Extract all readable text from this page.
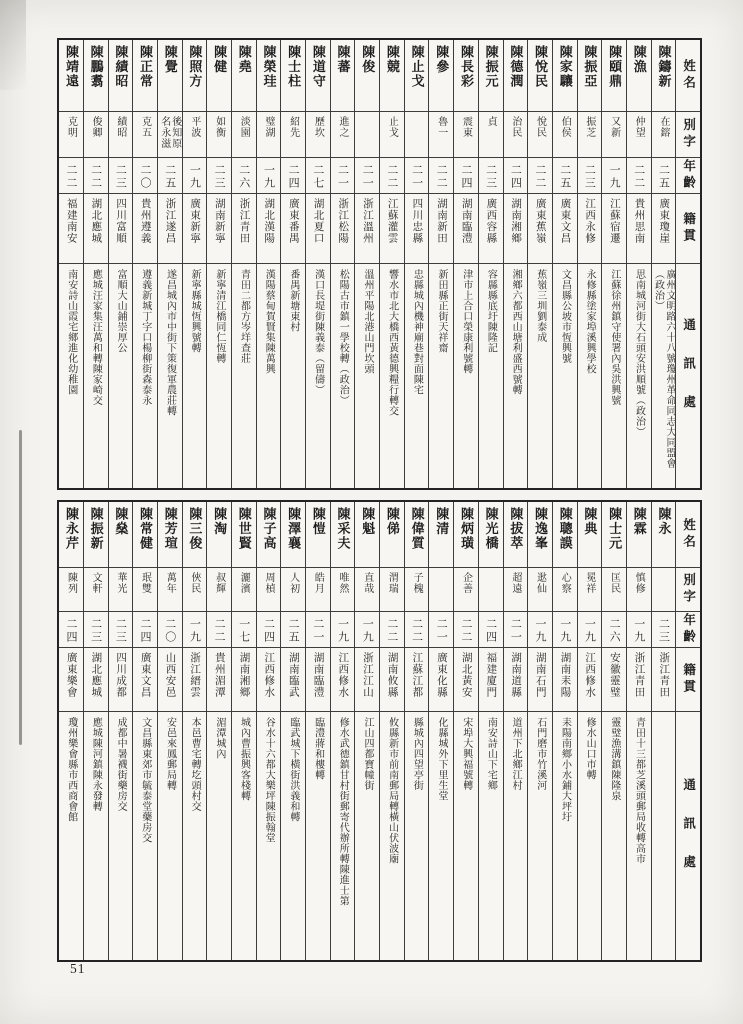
姓名
別字
年齡
籍貫
通訊處
陳鑄新
在鎔
二五
廣東瓊崖
廣州文明路六十八號瓊州革命同志大同盟會（政治）
陳漁
仲望
二二
貴州思南
思南城河街大石頭安洪順號（政治）
陳頤鼎
又新
一九
江蘇宿遷
江蘇徐州鎮守使署內吳洪興號
陳振亞
振芝
二三
江西永修
永修縣塗家埠溪興學校
陳家驤
伯侯
二五
廣東文昌
文昌縣公坡市恆興號
陳悅民
悅民
二二
廣東蕉嶺
蕉嶺三圳劉泰成
陳德潤
治民
二四
湖南湘鄉
湘鄉六都西山塘利盛西號轉
陳振元
貞
二三
廣西容縣
容縣縣底圩陳隆記
陳長彩
震東
二四
湖南臨澧
津市上合口榮康利號轉
陳參
魯一
二二
湖南新田
新田縣正街天祥齋
陳止戈
二一
四川忠縣
忠縣城內機神廟巷對面陳宅
陳競
止戈
二二
江蘇灌雲
響水市北大橋西黃德興糧行轉交
陳俊
二一
浙江溫州
溫州平陽北港山門坎頭
陳蕃
進之
二一
浙江松陽
松陽古市鎮一學校轉（政治）
陳道守
歷坎
二七
湖北夏口
漢口長堤街陳義泰（留儔）
陳士柱
紹先
二四
廣東番禺
番禺新塘東村
陳榮珪
璧湖
一九
湖北漢陽
漢陽蔡甸賀賢集陳萬興
陳堯
淡園
二六
浙江青田
青田二都方岑垟查莊
陳健
如衡
二三
湖南新寧
新寧清江橋同仁恆轉
陳照方
平波
一九
廣東新寧
新寧縣城恆興號轉
陳覺
後知原名永滋
二五
浙江遂昌
遂昌城內市中街下策復軍農莊轉
陳正常
克五
二〇
貴州遵義
遵義新城丁字口楊柳街森泰永
陳績昭
績昭
二三
四川富順
富順大山鋪崇厚公
陳鵬翥
俊卿
二二
湖北應城
應城汪家集汪萬和轉陳家崎交
陳靖遠
克明
二二
福建南安
南安詩山霞宅鄉進化幼稚園
姓名
別字
年齡
籍貫
通訊處
陳永
二三
浙江青田
陳霖
慎修
一九
浙江青田
青田十三都芝溪頭郵局收轉高市
陳士元
匡民
二六
安徽靈璧
靈璧漁溝鎮陳隆泉
陳典
冕祥
一九
江西修水
修水山口市轉
陳聰謨
心察
一九
湖南耒陽
耒陽南鄉小水鋪大坪圩
陳逸峯
逖仙
一九
湖南石門
石門磨市竹溪河
陳拔萃
超遠
二一
湖南道縣
道州下北鄉江村
陳光橋
二四
福建廈門
南安詩山下宅鄉
陳炳璜
企善
二二
湖北黃安
宋埠大興福號轉
陳清
二一
廣東化縣
化縣城外下里生堂
陳偉質
子槐
二二
江蘇江都
縣城內四望亭街
陳俤
渭瑞
二二
湖南攸縣
攸縣新市前南郵局轉橫山伏波廟
陳魁
直哉
一九
浙江江山
江山四都寶幢街
陳采夫
唯然
一九
江西修水
修水武德鎮甘村街郵寄代辦所轉陳進士第
陳愷
皓月
二一
湖南臨澧
臨澧蔣和樓轉
陳澤襄
人初
二五
湖南臨武
臨武城下橫街洪義和轉
陳子高
周楨
二四
江西修水
谷水十六都大樂坪陳振翰堂
陳世賢
灑濱
一七
湖南湘鄉
城內曹振興客棧轉
陳淘
叔輝
二二
貴州湄潭
湄潭城內
陳三俊
俠民
一九
浙江縉雲
本邑曹宅轉圪頭村交
陳芳瑄
萬年
二〇
山西安邑
安邑來鳳郵局轉
陳常健
珉雙
二四
廣東文昌
文昌縣東郊市毓泰堂藥房交
陳燊
華光
二三
四川成都
成都中暑襪街藥房交
陳振新
文軒
二三
湖北應城
應城陳河鎮陳永發轉
陳永芹
陳列
二四
廣東樂會
瓊州樂會縣市西商會館
51
